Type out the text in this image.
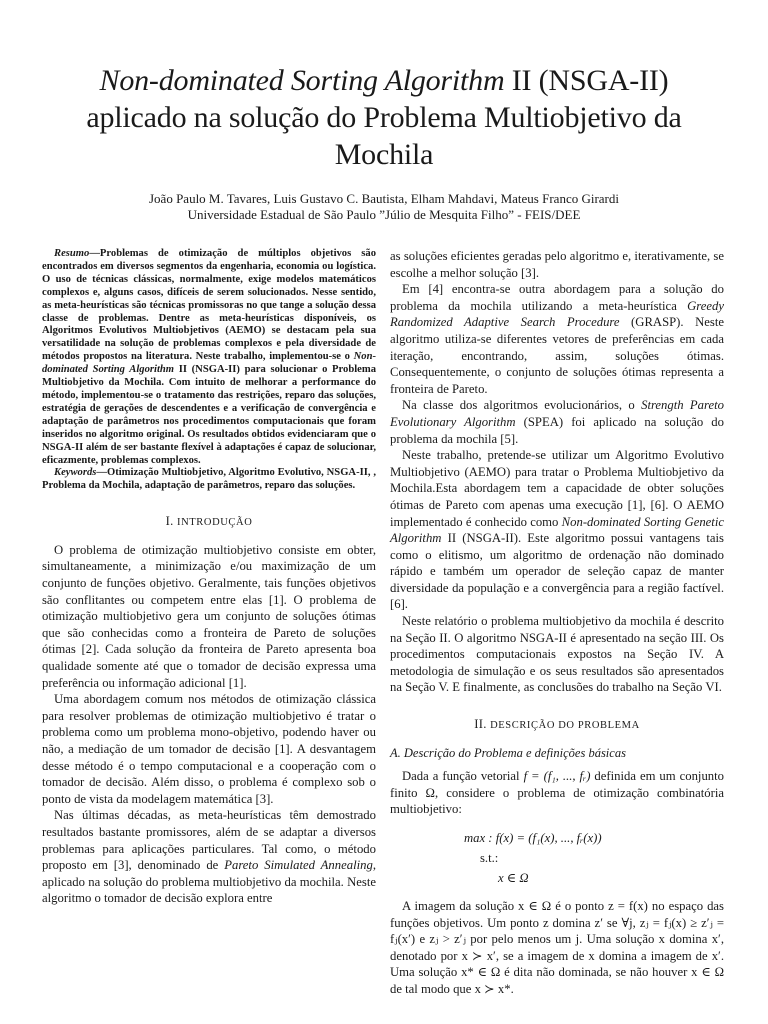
Non-dominated Sorting Algorithm II (NSGA-II)
aplicado na solução do Problema Multiobjetivo da
Mochila
João Paulo M. Tavares, Luis Gustavo C. Bautista, Elham Mahdavi, Mateus Franco Girardi
Universidade Estadual de São Paulo ”Júlio de Mesquita Filho” - FEIS/DEE

Resumo—Problemas de otimização de múltiplos objetivos são encontrados em diversos segmentos da engenharia, economia ou logística. O uso de técnicas clássicas, normalmente, exige modelos matemáticos complexos e, alguns casos, difíceis de serem solucionados. Nesse sentido, as meta-heurísticas são técnicas promissoras no que tange a solução dessa classe de problemas. Dentre as meta-heurísticas disponíveis, os Algoritmos Evolutivos Multiobjetivos (AEMO) se destacam pela sua versatilidade na solução de problemas complexos e pela diversidade de métodos propostos na literatura. Neste trabalho, implementou-se o Non-dominated Sorting Algorithm II (NSGA-II) para solucionar o Problema Multiobjetivo da Mochila. Com intuito de melhorar a performance do método, implementou-se o tratamento das restrições, reparo das soluções, estratégia de gerações de descendentes e a verificação de convergência e adaptação de parâmetros nos procedimentos computacionais que foram inseridos no algoritmo original. Os resultados obtidos evidenciaram que o NSGA-II além de ser bastante flexível à adaptações é capaz de solucionar, eficazmente, problemas complexos.

Keywords—Otimização Multiobjetivo, Algoritmo Evolutivo, NSGA-II, , Problema da Mochila, adaptação de parâmetros, reparo das soluções.

I. INTRODUÇÃO

O problema de otimização multiobjetivo consiste em obter, simultaneamente, a minimização e/ou maximização de um conjunto de funções objetivo. Geralmente, tais funções objetivos são conflitantes ou competem entre elas [1]. O problema de otimização multiobjetivo gera um conjunto de soluções ótimas que são conhecidas como a fronteira de Pareto de soluções ótimas [2]. Cada solução da fronteira de Pareto apresenta boa qualidade somente até que o tomador de decisão expressa uma preferência ou informação adicional [1].

Uma abordagem comum nos métodos de otimização clássica para resolver problemas de otimização multiobjetivo é tratar o problema como um problema mono-objetivo, podendo haver ou não, a mediação de um tomador de decisão [1]. A desvantagem desse método é o tempo computacional e a cooperação com o tomador de decisão. Além disso, o problema é complexo sob o ponto de vista da modelagem matemática [3].

Nas últimas décadas, as meta-heurísticas têm demostrado resultados bastante promissores, além de se adaptar a diversos problemas para aplicações particulares. Tal como, o método proposto em [3], denominado de Pareto Simulated Annealing, aplicado na solução do problema multiobjetivo da mochila. Neste algoritmo o tomador de decisão explora entre

as soluções eficientes geradas pelo algoritmo e, iterativamente, se escolhe a melhor solução [3].

Em [4] encontra-se outra abordagem para a solução do problema da mochila utilizando a meta-heurística Greedy Randomized Adaptive Search Procedure (GRASP). Neste algoritmo utiliza-se diferentes vetores de preferências em cada iteração, encontrando, assim, soluções ótimas. Consequentemente, o conjunto de soluções ótimas representa a fronteira de Pareto.

Na classe dos algoritmos evolucionários, o Strength Pareto Evolutionary Algorithm (SPEA) foi aplicado na solução do problema da mochila [5].

Neste trabalho, pretende-se utilizar um Algoritmo Evolutivo Multiobjetivo (AEMO) para tratar o Problema Multiobjetivo da Mochila.Esta abordagem tem a capacidade de obter soluções ótimas de Pareto com apenas uma execução [1], [6]. O AEMO implementado é conhecido como Non-dominated Sorting Genetic Algorithm II (NSGA-II). Este algoritmo possui vantagens tais como o elitismo, um algoritmo de ordenação não dominado rápido e também um operador de seleção capaz de manter diversidade da população e a convergência para a região factível. [6].

Neste relatório o problema multiobjetivo da mochila é descrito na Seção II. O algoritmo NSGA-II é apresentado na seção III. Os procedimentos computacionais expostos na Seção IV. A metodologia de simulação e os seus resultados são apresentados na Seção V. E finalmente, as conclusões do trabalho na Seção VI.

II. DESCRIÇÃO DO PROBLEMA
A. Descrição do Problema e definições básicas

Dada a função vetorial f = (f₁, ..., fᵣ) definida em um conjunto finito Ω, considere o problema de otimização combinatória multiobjetivo:

max : f(x) = (f₁(x), ..., fᵣ(x))
s.t.:
x ∈ Ω

A imagem da solução x ∈ Ω é o ponto z = f(x) no espaço das funções objetivos. Um ponto z domina z′ se ∀j, zⱼ = fⱼ(x) ≥ z′ⱼ = fⱼ(x′) e zⱼ > z′ⱼ por pelo menos um j. Uma solução x domina x′, denotado por x ≻ x′, se a imagem de x domina a imagem de x′. Uma solução x* ∈ Ω é dita não dominada, se não houver x ∈ Ω de tal modo que x ≻ x*.
